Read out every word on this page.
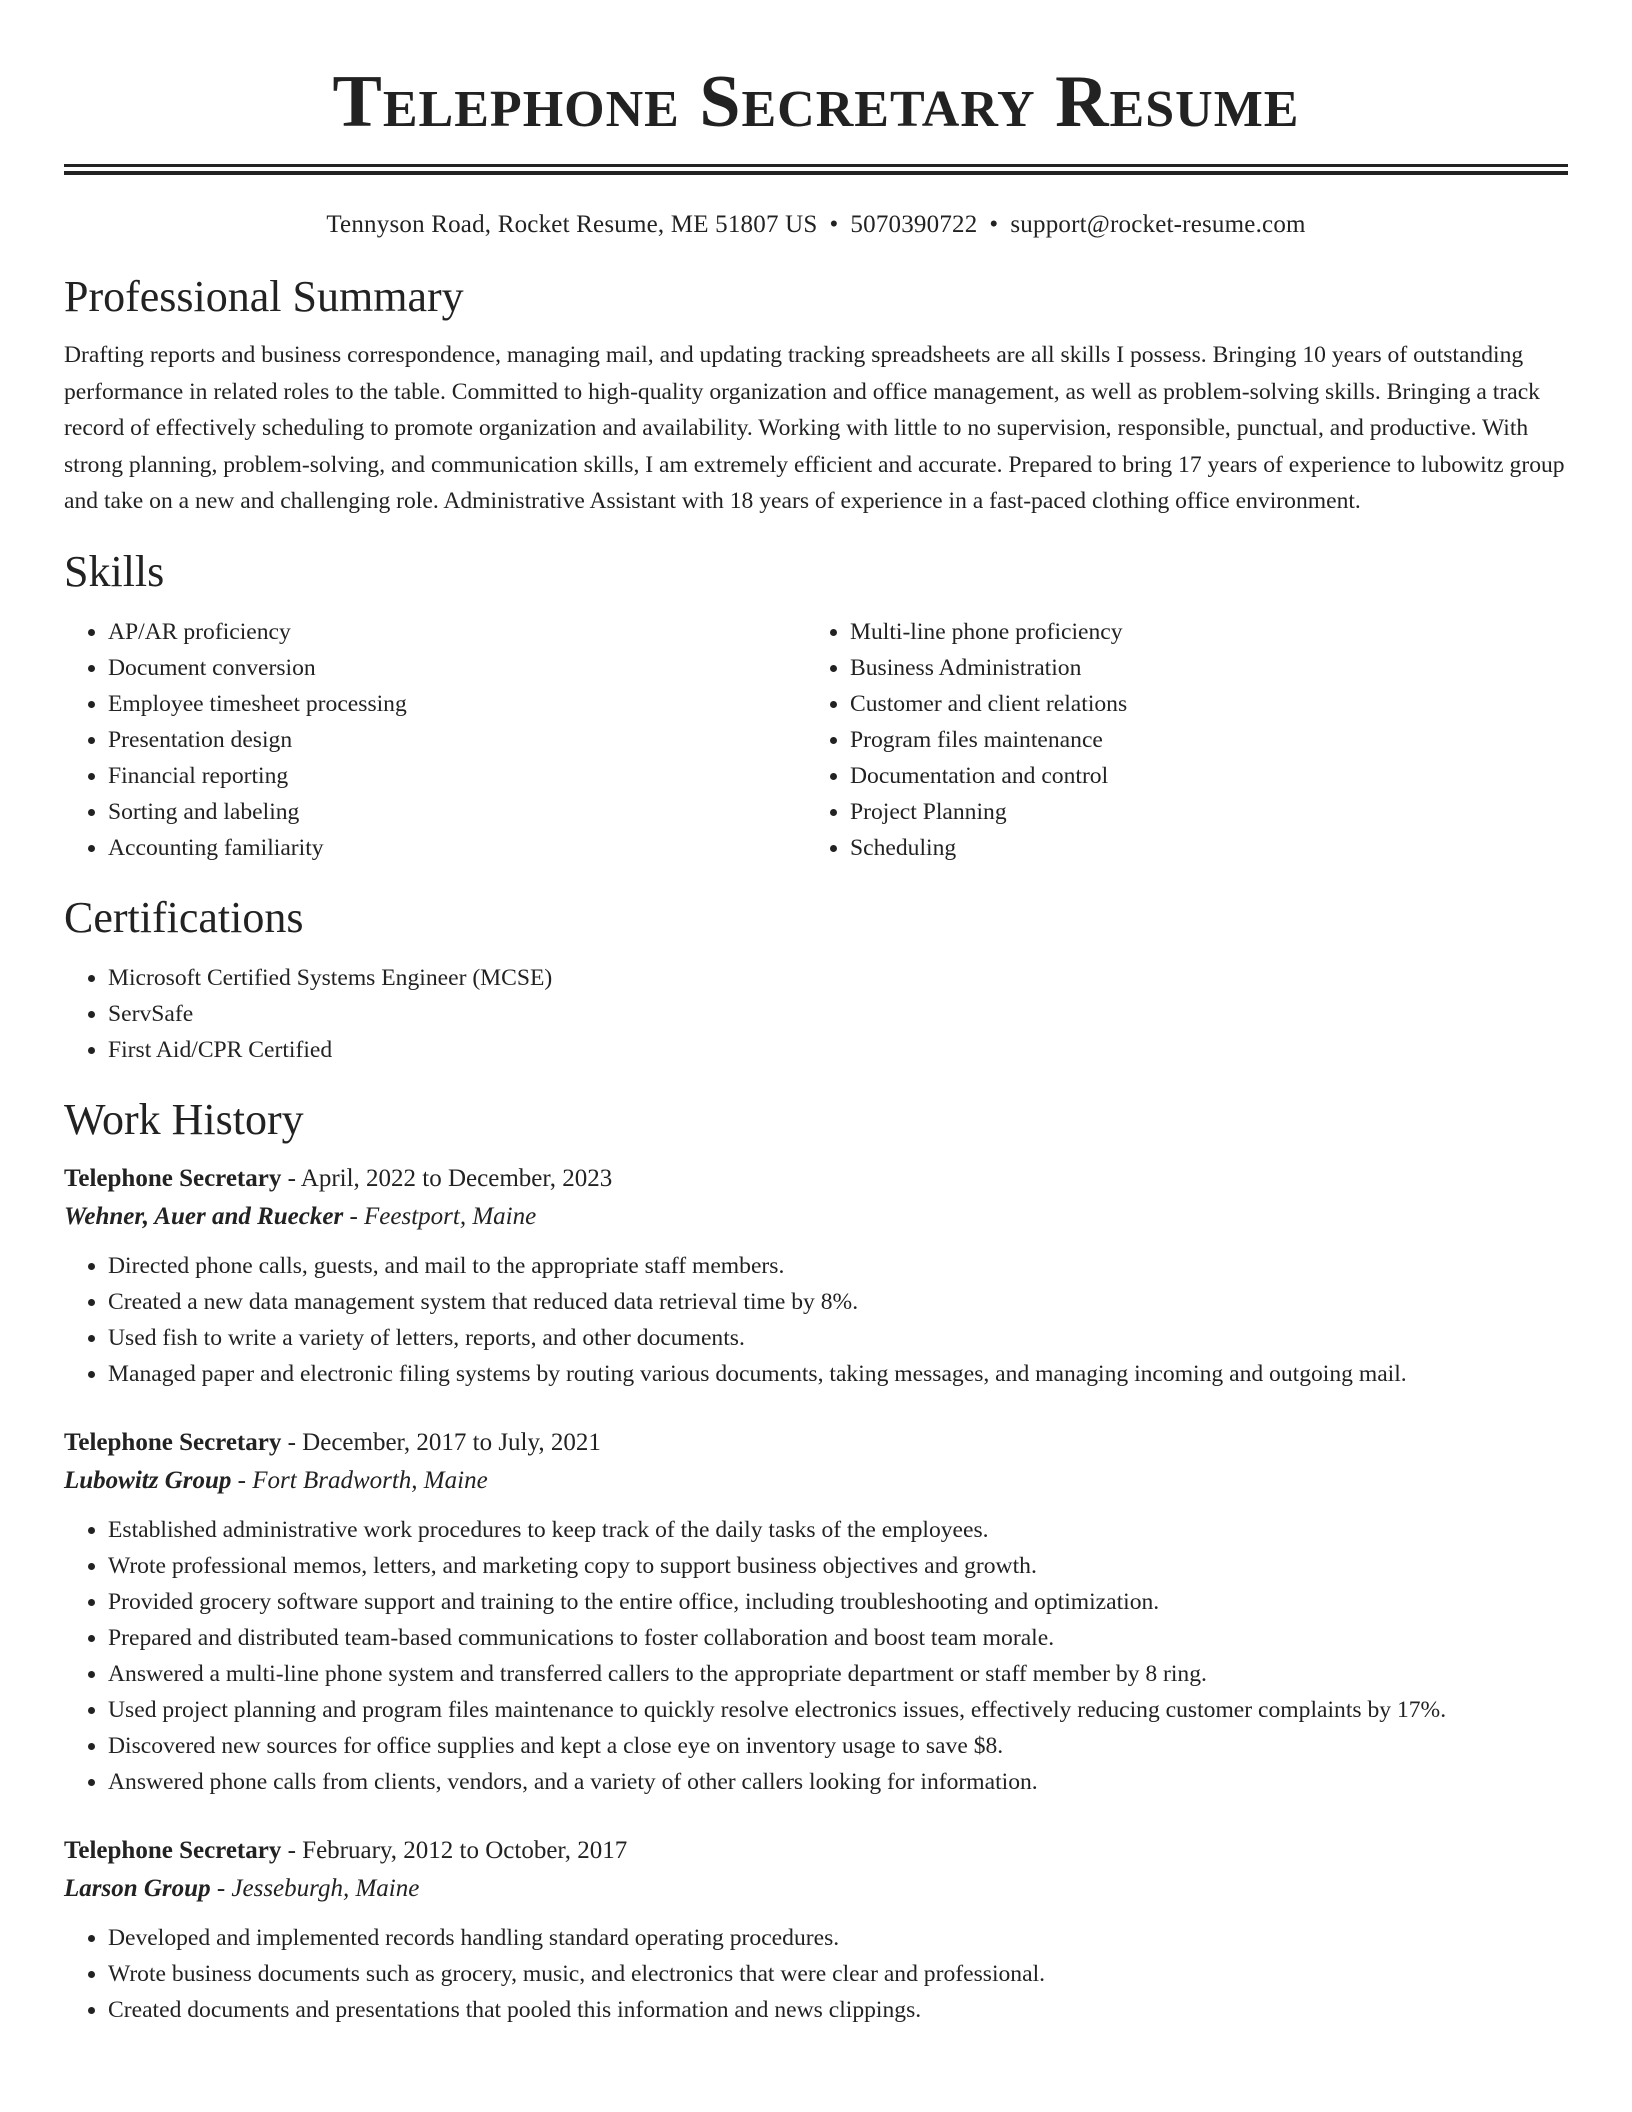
Telephone Secretary Resume
Tennyson Road, Rocket Resume, ME 51807 US • 5070390722 • support@rocket-resume.com
Professional Summary

Drafting reports and business correspondence, managing mail, and updating tracking spreadsheets are all skills I possess. Bringing 10 years of outstanding performance in related roles to the table. Committed to high-quality organization and office management, as well as problem-solving skills. Bringing a track record of effectively scheduling to promote organization and availability. Working with little to no supervision, responsible, punctual, and productive. With strong planning, problem-solving, and communication skills, I am extremely efficient and accurate. Prepared to bring 17 years of experience to lubowitz group and take on a new and challenging role. Administrative Assistant with 18 years of experience in a fast-paced clothing office environment.

Skills
• AP/AR proficiency
• Document conversion
• Employee timesheet processing
• Presentation design
• Financial reporting
• Sorting and labeling
• Accounting familiarity
• Multi-line phone proficiency
• Business Administration
• Customer and client relations
• Program files maintenance
• Documentation and control
• Project Planning
• Scheduling
Certifications
• Microsoft Certified Systems Engineer (MCSE)
• ServSafe
• First Aid/CPR Certified
Work History
Telephone Secretary - April, 2022 to December, 2023
Wehner, Auer and Ruecker - Feestport, Maine
• Directed phone calls, guests, and mail to the appropriate staff members.
• Created a new data management system that reduced data retrieval time by 8%.
• Used fish to write a variety of letters, reports, and other documents.
• Managed paper and electronic filing systems by routing various documents, taking messages, and managing incoming and outgoing mail.
Telephone Secretary - December, 2017 to July, 2021
Lubowitz Group - Fort Bradworth, Maine
• Established administrative work procedures to keep track of the daily tasks of the employees.
• Wrote professional memos, letters, and marketing copy to support business objectives and growth.
• Provided grocery software support and training to the entire office, including troubleshooting and optimization.
• Prepared and distributed team-based communications to foster collaboration and boost team morale.
• Answered a multi-line phone system and transferred callers to the appropriate department or staff member by 8 ring.
• Used project planning and program files maintenance to quickly resolve electronics issues, effectively reducing customer complaints by 17%.
• Discovered new sources for office supplies and kept a close eye on inventory usage to save $8.
• Answered phone calls from clients, vendors, and a variety of other callers looking for information.
Telephone Secretary - February, 2012 to October, 2017
Larson Group - Jesseburgh, Maine
• Developed and implemented records handling standard operating procedures.
• Wrote business documents such as grocery, music, and electronics that were clear and professional.
• Created documents and presentations that pooled this information and news clippings.
